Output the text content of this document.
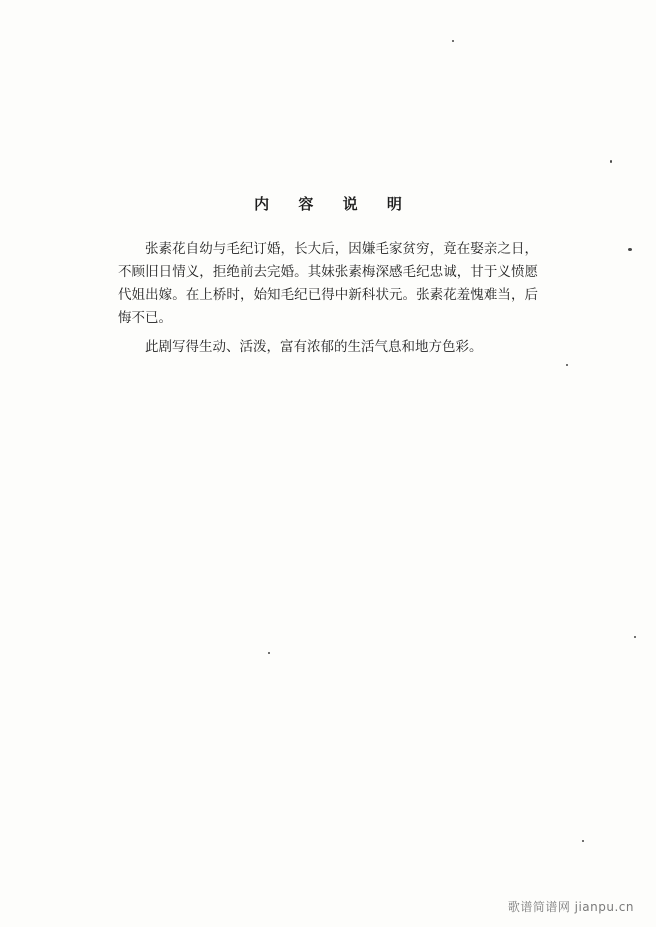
内 容 说 明

张素花自幼与毛纪订婚，长大后，因嫌毛家贫穷，竟在娶亲之日，不顾旧日情义，拒绝前去完婚。其妹张素梅深感毛纪忠诚，甘于义愤愿代姐出嫁。在上桥时，始知毛纪已得中新科状元。张素花羞愧难当，后悔不已。

此剧写得生动、活泼，富有浓郁的生活气息和地方色彩。

歌谱简谱网 jianpu.cn
